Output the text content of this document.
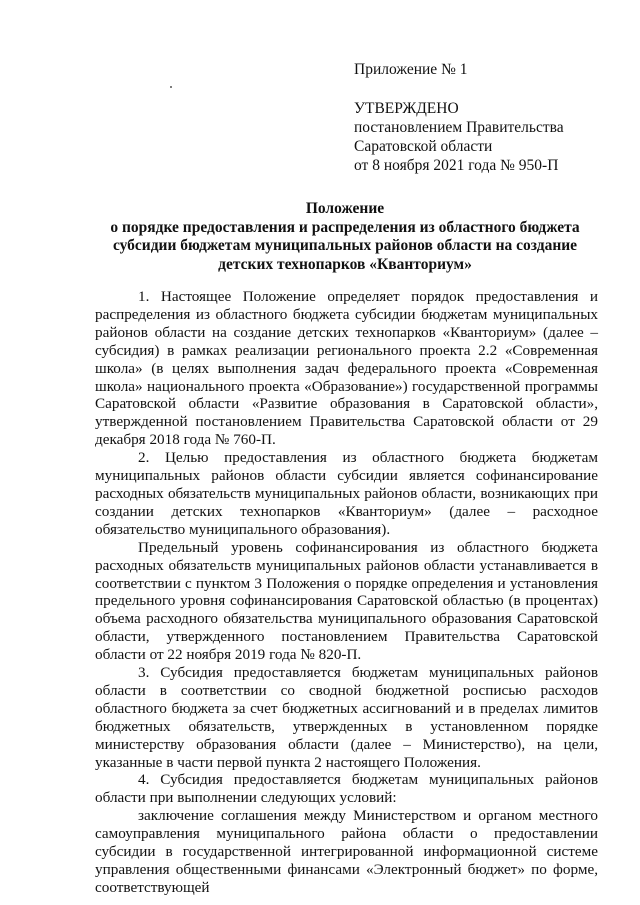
Приложение № 1

УТВЕРЖДЕНО

постановлением Правительства

Саратовской области

от 8 ноября 2021 года № 950-П

Положение

о порядке предоставления и распределения из областного бюджета

субсидии бюджетам муниципальных районов области на создание

детских технопарков «Кванториум»

1. Настоящее Положение определяет порядок предоставления и распределения из областного бюджета субсидии бюджетам муниципальных районов области на создание детских технопарков «Кванториум» (далее – субсидия) в рамках реализации регионального проекта 2.2 «Современная школа» (в целях выполнения задач федерального проекта «Современная школа» национального проекта «Образование») государственной программы Саратовской области «Развитие образования в Саратовской области», утвержденной постановлением Правительства Саратовской области от 29 декабря 2018 года № 760-П.

2. Целью предоставления из областного бюджета бюджетам муниципальных районов области субсидии является софинансирование расходных обязательств муниципальных районов области, возникающих при создании детских технопарков «Кванториум» (далее – расходное обязательство муниципального образования).

Предельный уровень софинансирования из областного бюджета расходных обязательств муниципальных районов области устанавливается в соответствии с пунктом 3 Положения о порядке определения и установления предельного уровня софинансирования Саратовской областью (в процентах) объема расходного обязательства муниципального образования Саратовской области, утвержденного постановлением Правительства Саратовской области от 22 ноября 2019 года № 820-П.

3. Субсидия предоставляется бюджетам муниципальных районов области в соответствии со сводной бюджетной росписью расходов областного бюджета за счет бюджетных ассигнований и в пределах лимитов бюджетных обязательств, утвержденных в установленном порядке министерству образования области (далее – Министерство), на цели, указанные в части первой пункта 2 настоящего Положения.

4. Субсидия предоставляется бюджетам муниципальных районов области при выполнении следующих условий:

заключение соглашения между Министерством и органом местного самоуправления муниципального района области о предоставлении субсидии в государственной интегрированной информационной системе управления общественными финансами «Электронный бюджет» по форме, соответствующей
